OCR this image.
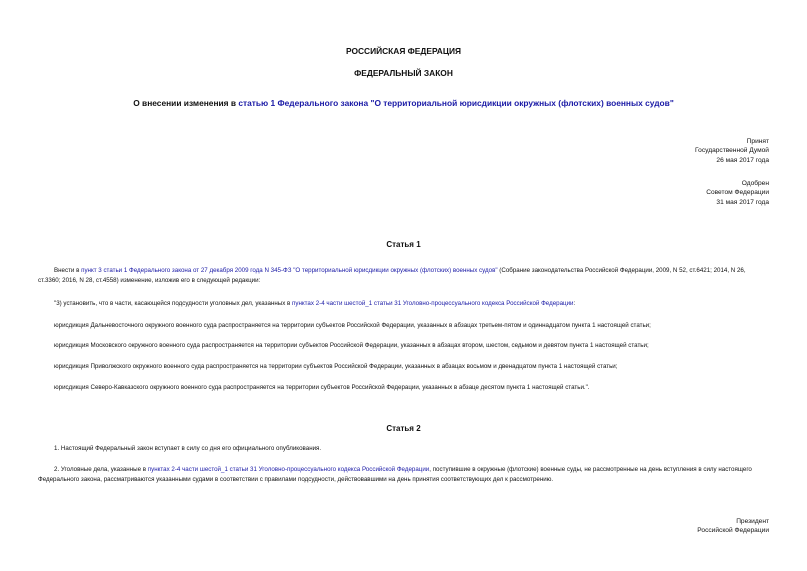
РОССИЙСКАЯ ФЕДЕРАЦИЯ
ФЕДЕРАЛЬНЫЙ ЗАКОН
О внесении изменения в статью 1 Федерального закона "О территориальной юрисдикции окружных (флотских) военных судов"
Принят
Государственной Думой
26 мая 2017 года
Одобрен
Советом Федерации
31 мая 2017 года
Статья 1
Внести в пункт 3 статьи 1 Федерального закона от 27 декабря 2009 года N 345-ФЗ "О территориальной юрисдикции окружных (флотских) военных судов" (Собрание законодательства Российской Федерации, 2009, N 52, ст.6421; 2014, N 26, ст.3360; 2016, N 28, ст.4558) изменение, изложив его в следующей редакции:
"3) установить, что в части, касающейся подсудности уголовных дел, указанных в пунктах 2-4 части шестой_1 статьи 31 Уголовно-процессуального кодекса Российской Федерации:
юрисдикция Дальневосточного окружного военного суда распространяется на территории субъектов Российской Федерации, указанных в абзацах третьем-пятом и одиннадцатом пункта 1 настоящей статьи;
юрисдикция Московского окружного военного суда распространяется на территории субъектов Российской Федерации, указанных в абзацах втором, шестом, седьмом и девятом пункта 1 настоящей статьи;
юрисдикция Приволжского окружного военного суда распространяется на территории субъектов Российской Федерации, указанных в абзацах восьмом и двенадцатом пункта 1 настоящей статьи;
юрисдикция Северо-Кавказского окружного военного суда распространяется на территории субъектов Российской Федерации, указанных в абзаце десятом пункта 1 настоящей статьи.".
Статья 2
1. Настоящий Федеральный закон вступает в силу со дня его официального опубликования.
2. Уголовные дела, указанные в пунктах 2-4 части шестой_1 статьи 31 Уголовно-процессуального кодекса Российской Федерации, поступившие в окружные (флотские) военные суды, не рассмотренные на день вступления в силу настоящего Федерального закона, рассматриваются указанными судами в соответствии с правилами подсудности, действовавшими на день принятия соответствующих дел к рассмотрению.
Президент
Российской Федерации
